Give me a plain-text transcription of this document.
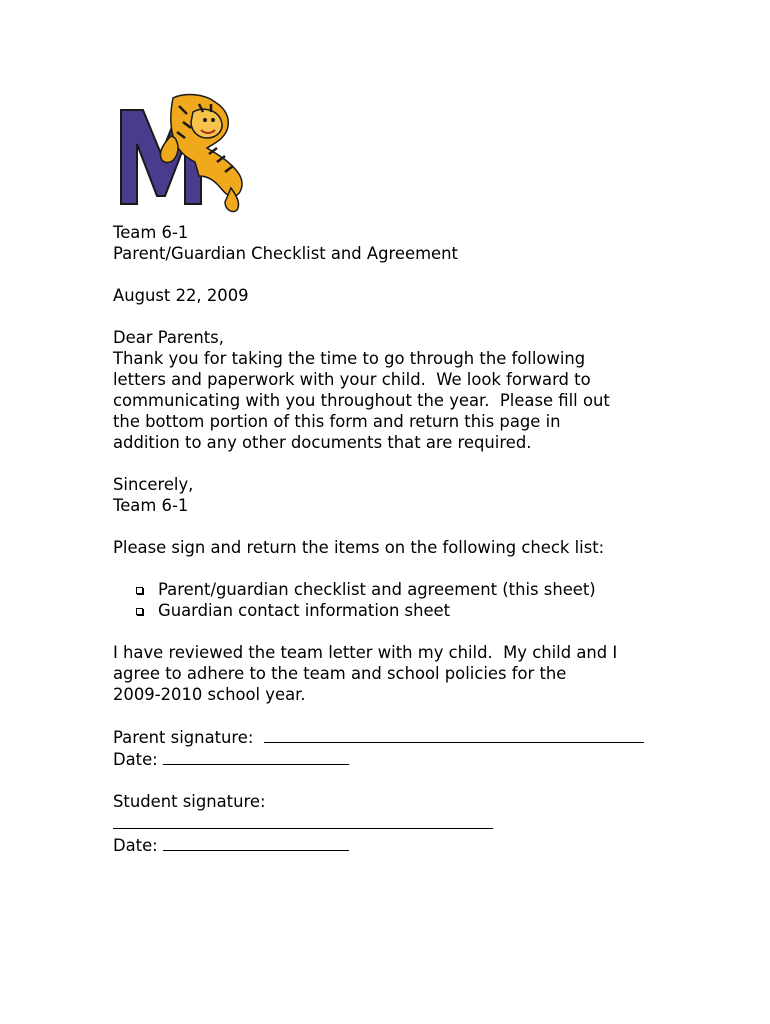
Team 6-1
Parent/Guardian Checklist and Agreement
August 22, 2009
Dear Parents,
Thank you for taking the time to go through the following
letters and paperwork with your child.  We look forward to
communicating with you throughout the year.  Please fill out
the bottom portion of this form and return this page in
addition to any other documents that are required.
Sincerely,
Team 6-1
Please sign and return the items on the following check list:
Parent/guardian checklist and agreement (this sheet)
Guardian contact information sheet
I have reviewed the team letter with my child.  My child and I
agree to adhere to the team and school policies for the
2009-2010 school year.
Parent signature:
Date:
Student signature:
Date:
